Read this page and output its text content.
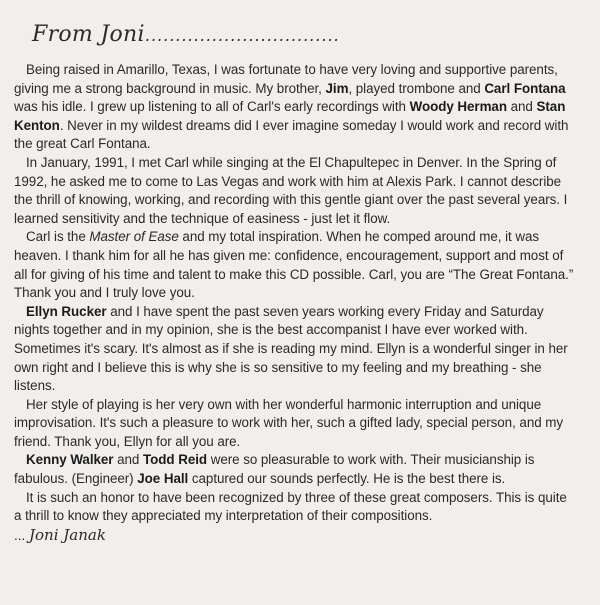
From Joni................................

Being raised in Amarillo, Texas, I was fortunate to have very loving and supportive parents, giving me a strong background in music. My brother, Jim, played trombone and Carl Fontana was his idle. I grew up listening to all of Carl's early recordings with Woody Herman and Stan Kenton. Never in my wildest dreams did I ever imagine someday I would work and record with the great Carl Fontana.

In January, 1991, I met Carl while singing at the El Chapultepec in Denver. In the Spring of 1992, he asked me to come to Las Vegas and work with him at Alexis Park. I cannot describe the thrill of knowing, working, and recording with this gentle giant over the past several years. I learned sensitivity and the technique of easiness - just let it flow.

Carl is the Master of Ease and my total inspiration. When he comped around me, it was heaven. I thank him for all he has given me: confidence, encouragement, support and most of all for giving of his time and talent to make this CD possible. Carl, you are “The Great Fontana.” Thank you and I truly love you.

Ellyn Rucker and I have spent the past seven years working every Friday and Saturday nights together and in my opinion, she is the best accompanist I have ever worked with. Sometimes it's scary. It's almost as if she is reading my mind. Ellyn is a wonderful singer in her own right and I believe this is why she is so sensitive to my feeling and my breathing - she listens.

Her style of playing is her very own with her wonderful harmonic interruption and unique improvisation. It's such a pleasure to work with her, such a gifted lady, special person, and my friend. Thank you, Ellyn for all you are.

Kenny Walker and Todd Reid were so pleasurable to work with. Their musicianship is fabulous. (Engineer) Joe Hall captured our sounds perfectly. He is the best there is.

It is such an honor to have been recognized by three of these great composers. This is quite a thrill to know they appreciated my interpretation of their compositions.

... Joni Janak
